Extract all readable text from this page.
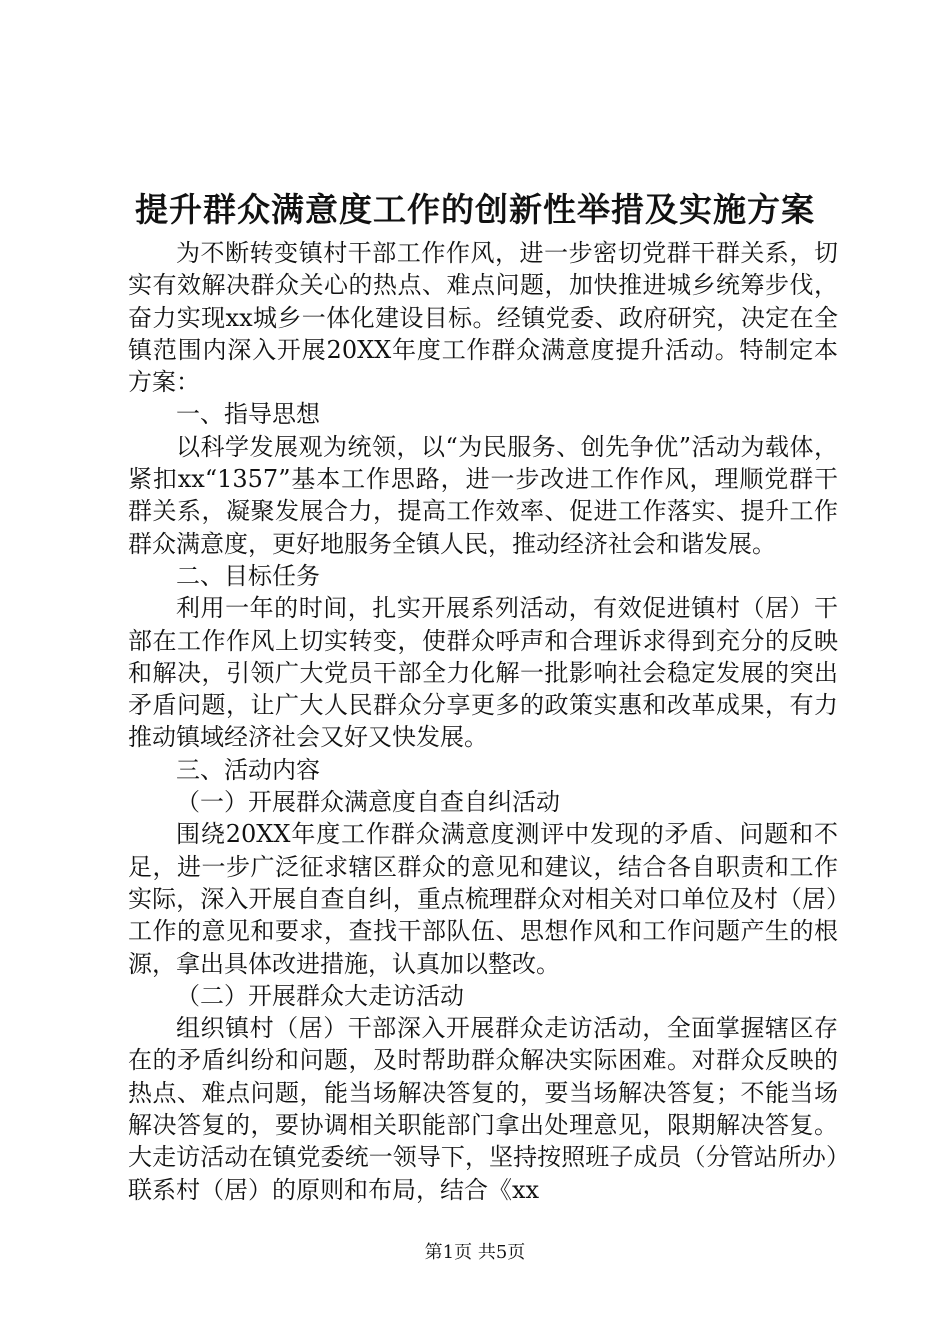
提升群众满意度工作的创新性举措及实施方案

为不断转变镇村干部工作作风，进一步密切党群干群关系，切实有效解决群众关心的热点、难点问题，加快推进城乡统筹步伐，奋力实现xx城乡一体化建设目标。经镇党委、政府研究，决定在全镇范围内深入开展20XX年度工作群众满意度提升活动。特制定本方案：

一、指导思想

以科学发展观为统领，以“为民服务、创先争优”活动为载体，紧扣xx“1357”基本工作思路，进一步改进工作作风，理顺党群干群关系，凝聚发展合力，提高工作效率、促进工作落实、提升工作群众满意度，更好地服务全镇人民，推动经济社会和谐发展。

二、目标任务

利用一年的时间，扎实开展系列活动，有效促进镇村（居）干部在工作作风上切实转变，使群众呼声和合理诉求得到充分的反映和解决，引领广大党员干部全力化解一批影响社会稳定发展的突出矛盾问题，让广大人民群众分享更多的政策实惠和改革成果，有力推动镇域经济社会又好又快发展。

三、活动内容

（一）开展群众满意度自查自纠活动

围绕20XX年度工作群众满意度测评中发现的矛盾、问题和不足，进一步广泛征求辖区群众的意见和建议，结合各自职责和工作实际，深入开展自查自纠，重点梳理群众对相关对口单位及村（居）工作的意见和要求，查找干部队伍、思想作风和工作问题产生的根源，拿出具体改进措施，认真加以整改。

（二）开展群众大走访活动

组织镇村（居）干部深入开展群众走访活动，全面掌握辖区存在的矛盾纠纷和问题，及时帮助群众解决实际困难。对群众反映的热点、难点问题，能当场解决答复的，要当场解决答复；不能当场解决答复的，要协调相关职能部门拿出处理意见，限期解决答复。大走访活动在镇党委统一领导下，坚持按照班子成员（分管站所办）联系村（居）的原则和布局，结合《xx

第1页 共5页
